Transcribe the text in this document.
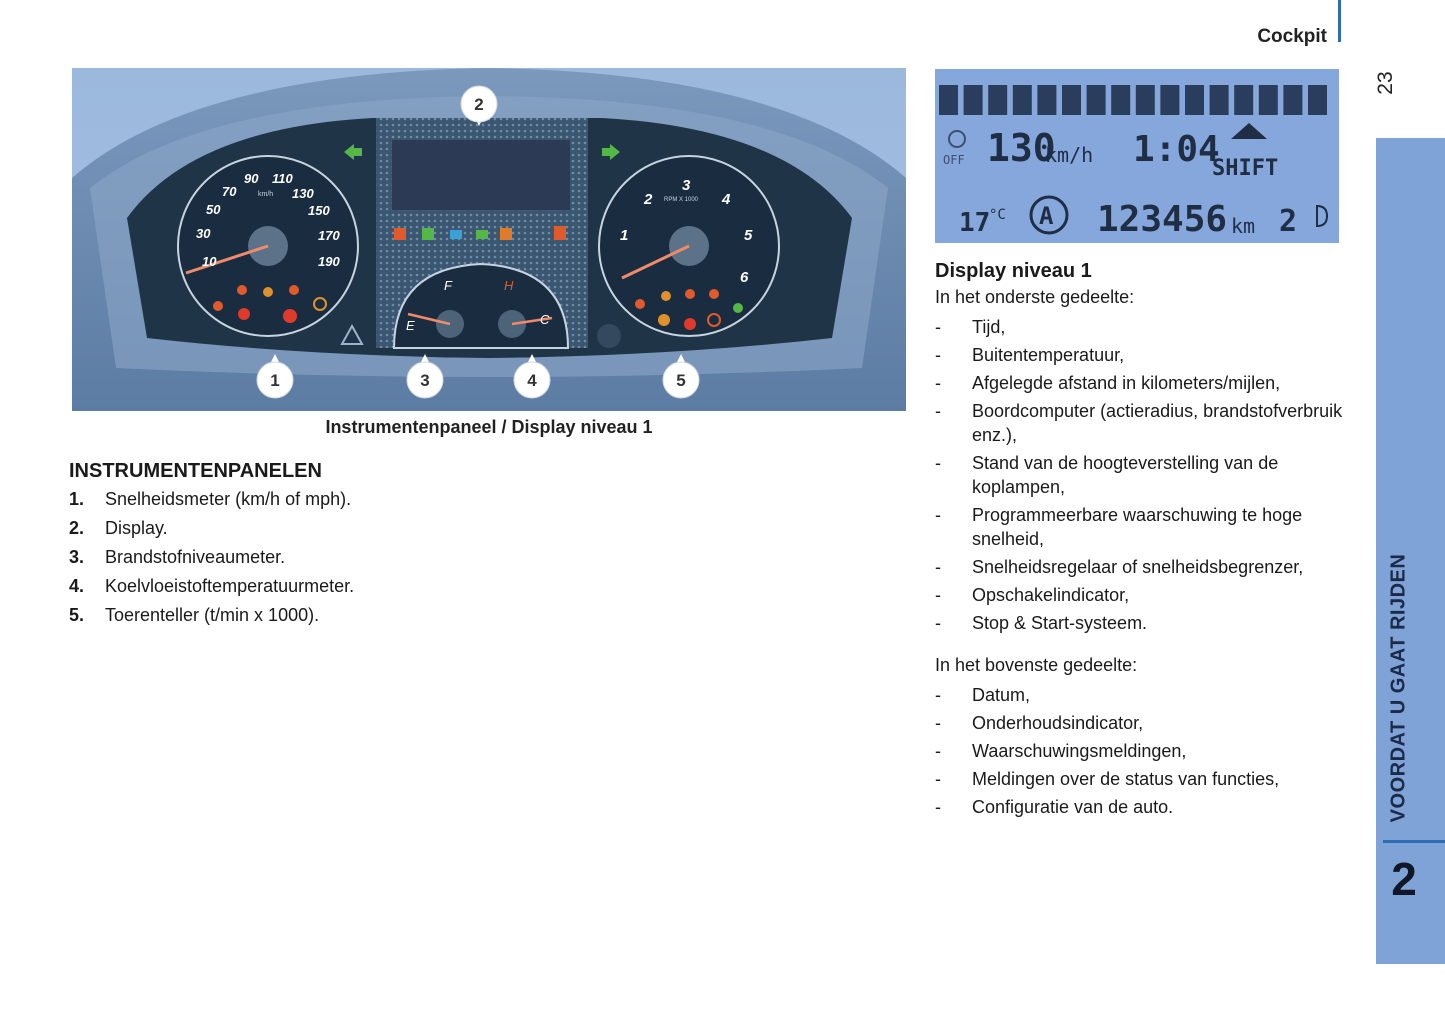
Cockpit
23
VOORDAT U GAAT RIJDEN
2
10
30
50
70
90 110
130
150
170
190
km/h
1
2
3
4
5
6
RPM X 1000
F
E
H
C
2
1	3	4	5
Instrumentenpaneel / Display niveau 1
INSTRUMENTENPANELEN
1.	Snelheidsmeter (km/h of mph).
2.	Display.
3.	Brandstofniveaumeter.
4.	Koelvloeistoftemperatuurmeter.
5.	Toerenteller (t/min x 1000).
OFF 130
km/h 1:04
SHIFT
17
°C A 123456 km 2
Display niveau 1
In het onderste gedeelte:
-	Tijd,
-	Buitentemperatuur,
-	Afgelegde afstand in kilometers/mijlen,
-	Boordcomputer (actieradius, brandstofverbruik enz.),
-	Stand van de hoogteverstelling van de koplampen,
-	Programmeerbare waarschuwing te hoge snelheid,
-	Snelheidsregelaar of snelheidsbegrenzer,
-	Opschakelindicator,
-	Stop & Start-systeem.
In het bovenste gedeelte:
-	Datum,
-	Onderhoudsindicator,
-	Waarschuwingsmeldingen,
-	Meldingen over de status van functies,
-	Configuratie van de auto.
